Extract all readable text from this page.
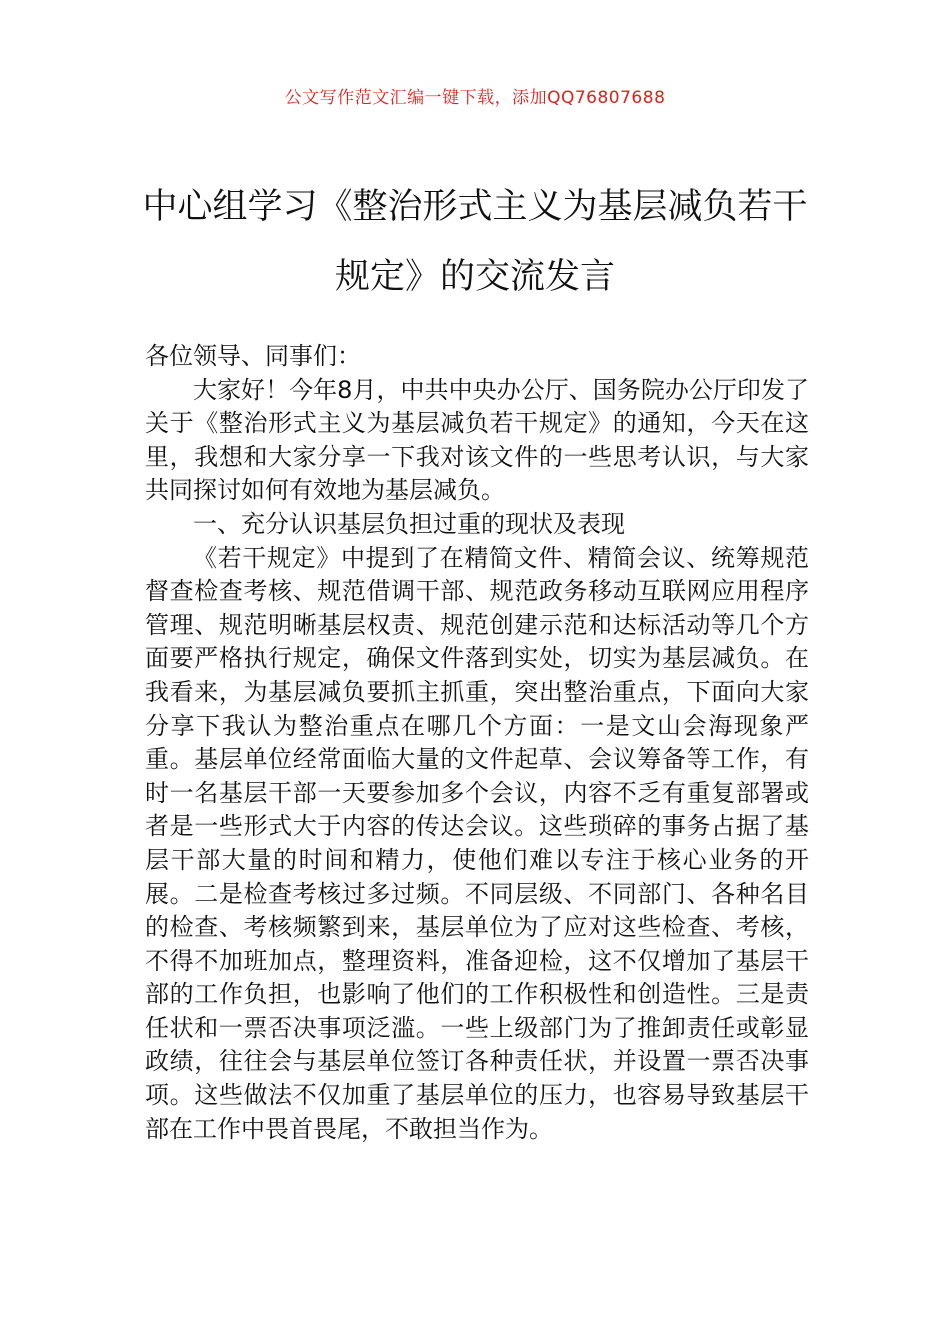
公文写作范文汇编一键下载，添加QQ76807688
中心组学习《整治形式主义为基层减负若干规定》的交流发言

各位领导、同事们：

大家好！今年8月，中共中央办公厅、国务院办公厅印发了关于《整治形式主义为基层减负若干规定》的通知，今天在这里，我想和大家分享一下我对该文件的一些思考认识，与大家共同探讨如何有效地为基层减负。

一、充分认识基层负担过重的现状及表现

《若干规定》中提到了在精简文件、精简会议、统筹规范督查检查考核、规范借调干部、规范政务移动互联网应用程序管理、规范明晰基层权责、规范创建示范和达标活动等几个方面要严格执行规定，确保文件落到实处，切实为基层减负。在我看来，为基层减负要抓主抓重，突出整治重点，下面向大家分享下我认为整治重点在哪几个方面：一是文山会海现象严重。基层单位经常面临大量的文件起草、会议筹备等工作，有时一名基层干部一天要参加多个会议，内容不乏有重复部署或者是一些形式大于内容的传达会议。这些琐碎的事务占据了基层干部大量的时间和精力，使他们难以专注于核心业务的开展。二是检查考核过多过频。不同层级、不同部门、各种名目的检查、考核频繁到来，基层单位为了应对这些检查、考核，不得不加班加点，整理资料，准备迎检，这不仅增加了基层干部的工作负担，也影响了他们的工作积极性和创造性。三是责任状和一票否决事项泛滥。一些上级部门为了推卸责任或彰显政绩，往往会与基层单位签订各种责任状，并设置一票否决事项。这些做法不仅加重了基层单位的压力，也容易导致基层干部在工作中畏首畏尾，不敢担当作为。
